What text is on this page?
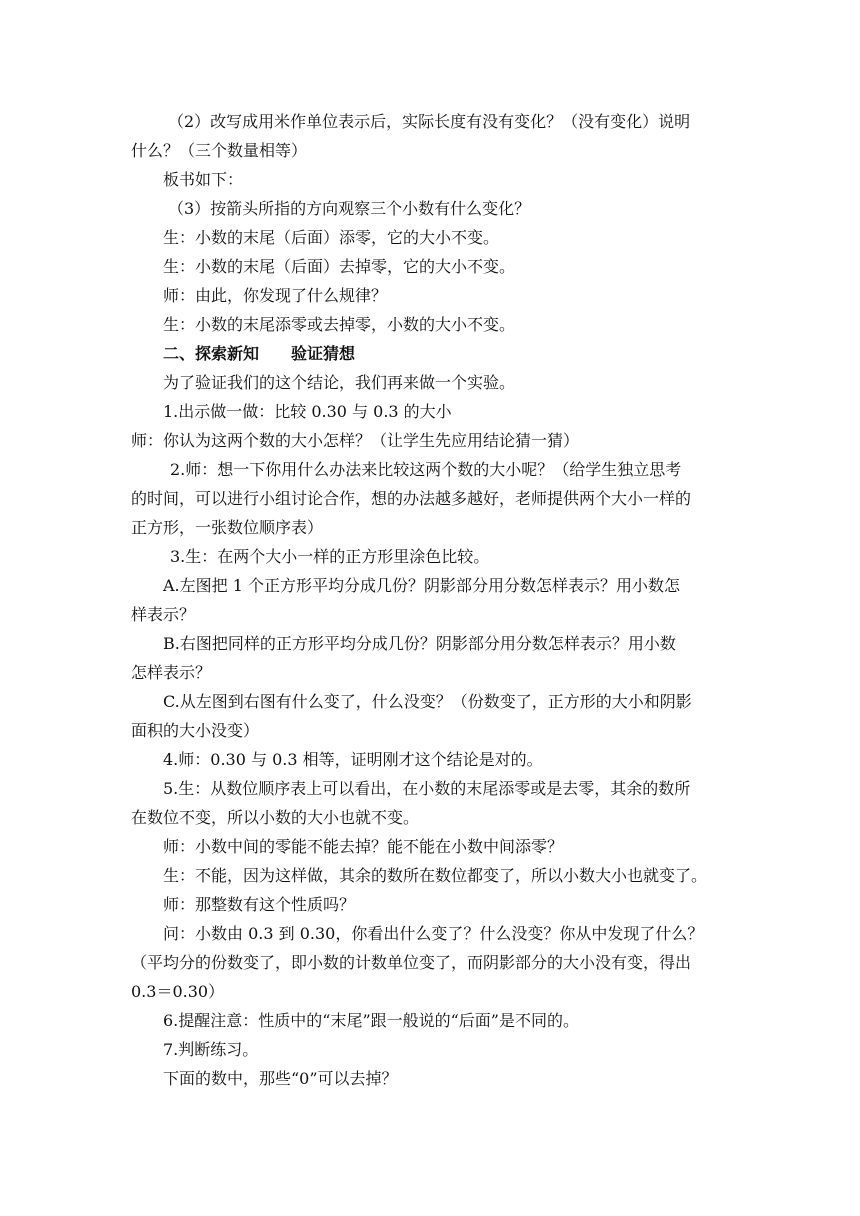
（2）改写成用米作单位表示后，实际长度有没有变化？（没有变化）说明
什么？（三个数量相等）
板书如下：
（3）按箭头所指的方向观察三个小数有什么变化？
生：小数的末尾（后面）添零，它的大小不变。
生：小数的末尾（后面）去掉零，它的大小不变。
师：由此，你发现了什么规律？
生：小数的末尾添零或去掉零，小数的大小不变。
二、探索新知　　验证猜想
为了验证我们的这个结论，我们再来做一个实验。
1.出示做一做：比较 0.30 与 0.3 的大小
师：你认为这两个数的大小怎样？（让学生先应用结论猜一猜）
2.师：想一下你用什么办法来比较这两个数的大小呢？（给学生独立思考
的时间，可以进行小组讨论合作，想的办法越多越好，老师提供两个大小一样的
正方形，一张数位顺序表）
3.生：在两个大小一样的正方形里涂色比较。
A.左图把 1 个正方形平均分成几份？阴影部分用分数怎样表示？用小数怎
样表示？
B.右图把同样的正方形平均分成几份？阴影部分用分数怎样表示？用小数
怎样表示？
C.从左图到右图有什么变了，什么没变？（份数变了，正方形的大小和阴影
面积的大小没变）
4.师：0.30 与 0.3 相等，证明刚才这个结论是对的。
5.生：从数位顺序表上可以看出，在小数的末尾添零或是去零，其余的数所
在数位不变，所以小数的大小也就不变。
师：小数中间的零能不能去掉？能不能在小数中间添零？
生：不能，因为这样做，其余的数所在数位都变了，所以小数大小也就变了。
师：那整数有这个性质吗？
问：小数由 0.3 到 0.30，你看出什么变了？什么没变？你从中发现了什么？
（平均分的份数变了，即小数的计数单位变了，而阴影部分的大小没有变，得出
0.3＝0.30）
6.提醒注意：性质中的“末尾”跟一般说的“后面”是不同的。
7.判断练习。
下面的数中，那些“0”可以去掉？
